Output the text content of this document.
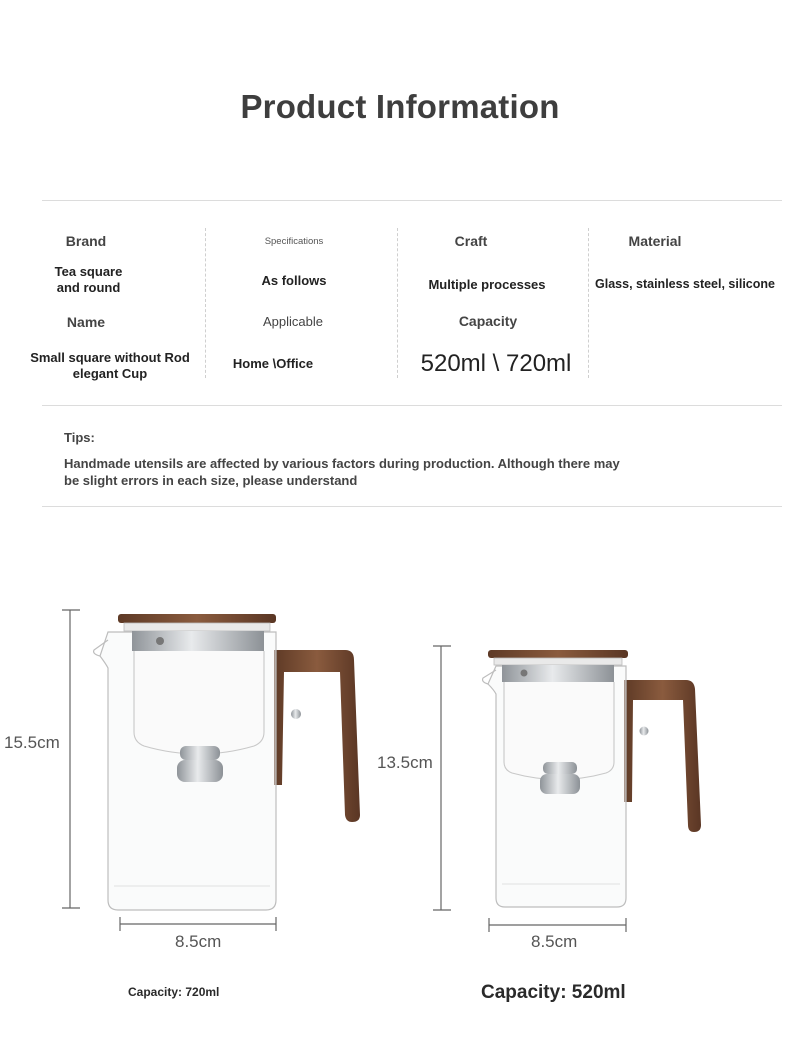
Product Information
Brand	Specifications	Craft	Material
Tea square
and round	As follows	Multiple processes	Glass, stainless steel, silicone
Name	Applicable	Capacity
Small square without Rod
elegant Cup
Home \Office	520ml \ 720ml
Tips:
Handmade utensils are affected by various factors during production. Although there may
be slight errors in each size, please understand
15.5cm
8.5cm
13.5cm
8.5cm
Capacity: 720ml	Capacity: 520ml
